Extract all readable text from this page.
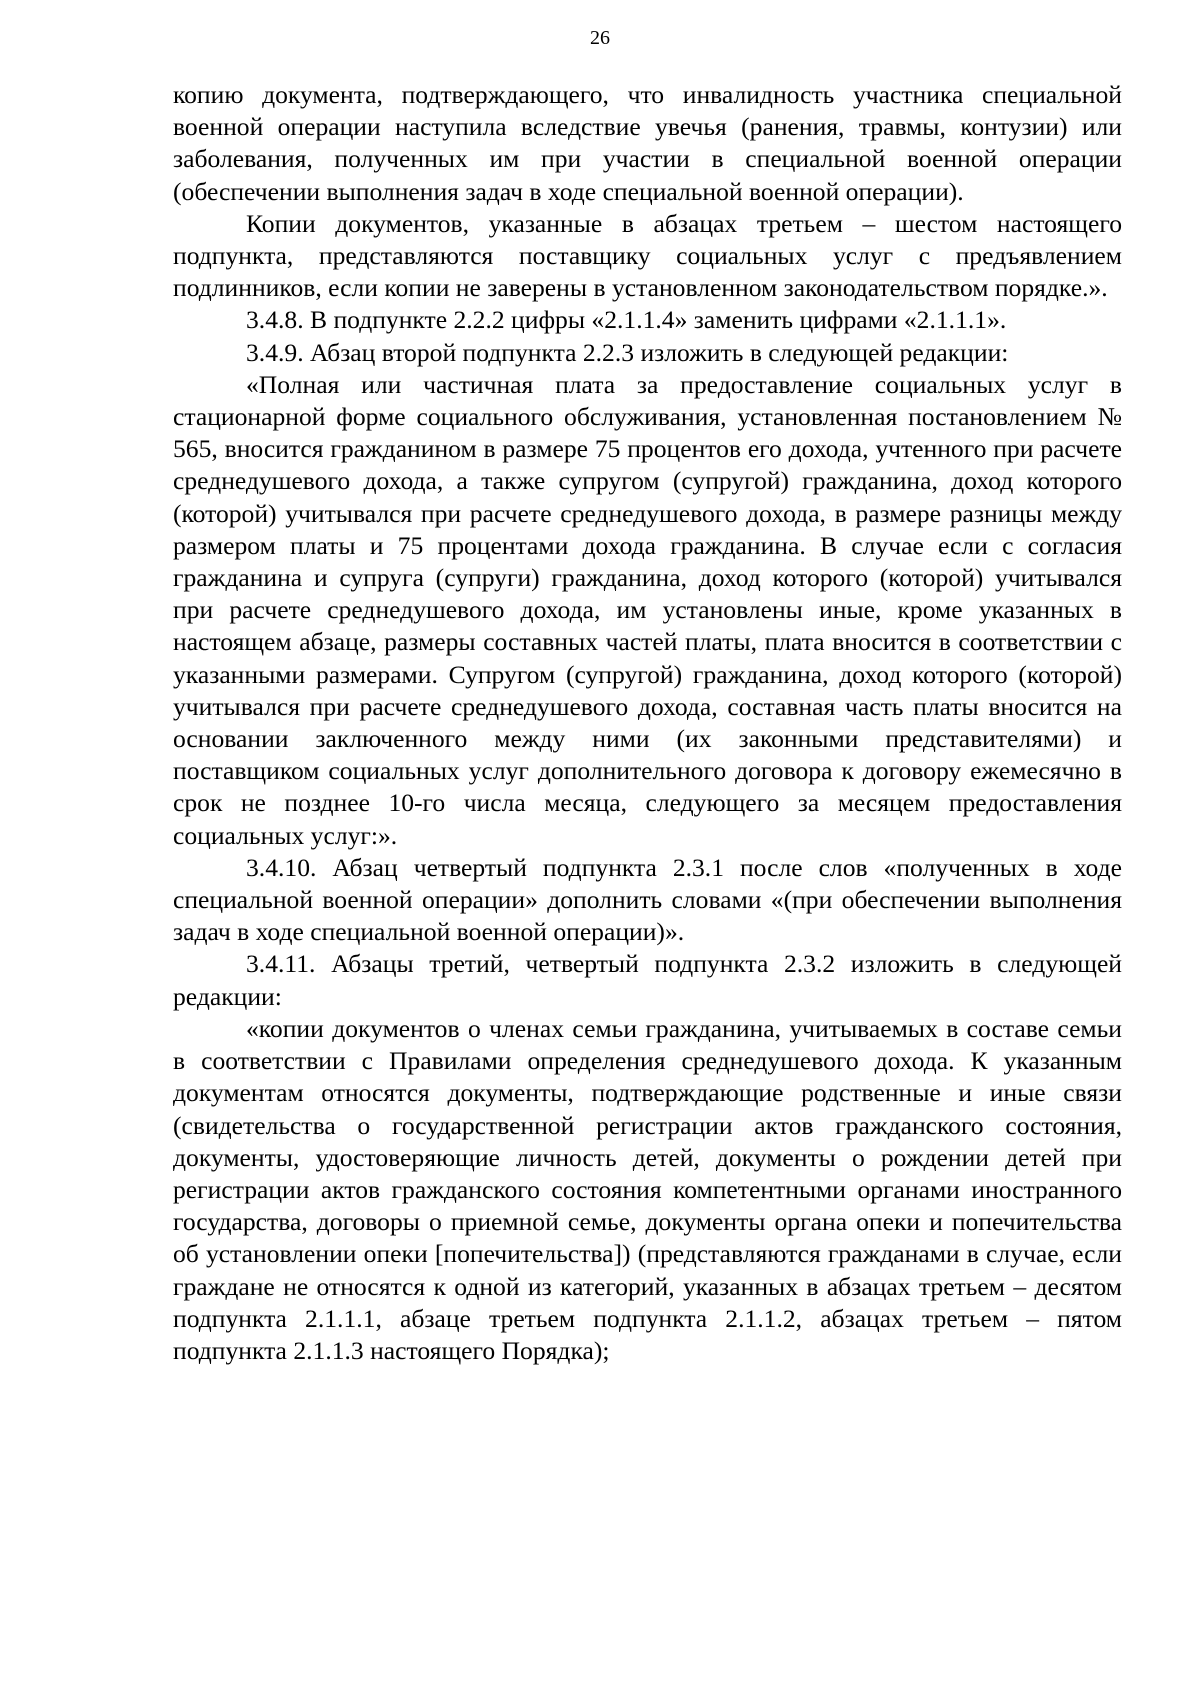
26

копию документа, подтверждающего, что инвалидность участника специальной военной операции наступила вследствие увечья (ранения, травмы, контузии) или заболевания, полученных им при участии в специальной военной операции (обеспечении выполнения задач в ходе специальной военной операции).

Копии документов, указанные в абзацах третьем – шестом настоящего подпункта, представляются поставщику социальных услуг с предъявлением подлинников, если копии не заверены в установленном законодательством порядке.».

3.4.8. В подпункте 2.2.2 цифры «2.1.1.4» заменить цифрами «2.1.1.1».

3.4.9. Абзац второй подпункта 2.2.3 изложить в следующей редакции:

«Полная или частичная плата за предоставление социальных услуг в стационарной форме социального обслуживания, установленная постановлением № 565, вносится гражданином в размере 75 процентов его дохода, учтенного при расчете среднедушевого дохода, а также супругом (супругой) гражданина, доход которого (которой) учитывался при расчете среднедушевого дохода, в размере разницы между размером платы и 75 процентами дохода гражданина. В случае если с согласия гражданина и супруга (супруги) гражданина, доход которого (которой) учитывался при расчете среднедушевого дохода, им установлены иные, кроме указанных в настоящем абзаце, размеры составных частей платы, плата вносится в соответствии с указанными размерами. Супругом (супругой) гражданина, доход которого (которой) учитывался при расчете среднедушевого дохода, составная часть платы вносится на основании заключенного между ними (их законными представителями) и поставщиком социальных услуг дополнительного договора к договору ежемесячно в срок не позднее 10-го числа месяца, следующего за месяцем предоставления социальных услуг:».

3.4.10. Абзац четвертый подпункта 2.3.1 после слов «полученных в ходе специальной военной операции» дополнить словами «(при обеспечении выполнения задач в ходе специальной военной операции)».

3.4.11. Абзацы третий, четвертый подпункта 2.3.2 изложить в следующей редакции:

«копии документов о членах семьи гражданина, учитываемых в составе семьи в соответствии с Правилами определения среднедушевого дохода. К указанным документам относятся документы, подтверждающие родственные и иные связи (свидетельства о государственной регистрации актов гражданского состояния, документы, удостоверяющие личность детей, документы о рождении детей при регистрации актов гражданского состояния компетентными органами иностранного государства, договоры о приемной семье, документы органа опеки и попечительства об установлении опеки [попечительства]) (представляются гражданами в случае, если граждане не относятся к одной из категорий, указанных в абзацах третьем – десятом подпункта 2.1.1.1, абзаце третьем подпункта 2.1.1.2, абзацах третьем – пятом подпункта 2.1.1.3 настоящего Порядка);
